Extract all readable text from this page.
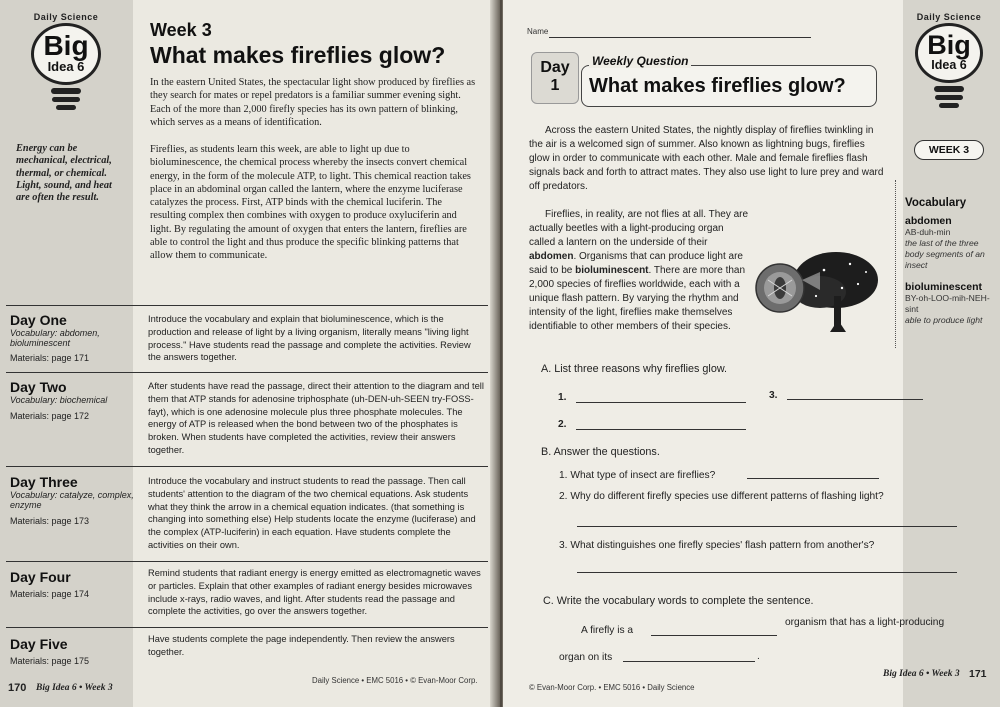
Daily Science
Big
Idea 6
Energy can be mechanical, electrical, thermal, or chemical. Light, sound, and heat are often the result.
Week 3
What makes fireflies glow?
In the eastern United States, the spectacular light show produced by fireflies as they search for mates or repel predators is a familiar summer evening sight. Each of the more than 2,000 firefly species has its own pattern of blinking, which serves as a means of identification.
Fireflies, as students learn this week, are able to light up due to bioluminescence, the chemical process whereby the insects convert chemical energy, in the form of the molecule ATP, to light. This chemical reaction takes place in an abdominal organ called the lantern, where the enzyme luciferase catalyzes the process. First, ATP binds with the chemical luciferin. The resulting complex then combines with oxygen to produce oxyluciferin and light. By regulating the amount of oxygen that enters the lantern, fireflies are able to control the light and thus produce the specific blinking patterns that allow them to communicate.
Day One
Vocabulary: abdomen, bioluminescent
Materials: page 171
Introduce the vocabulary and explain that bioluminescence, which is the production and release of light by a living organism, literally means "living light process." Have students read the passage and complete the activities. Review the answers together.
Day Two
Vocabulary: biochemical
Materials: page 172
After students have read the passage, direct their attention to the diagram and tell them that ATP stands for adenosine triphosphate (uh-DEN-uh-SEEN try-FOSS-fayt), which is one adenosine molecule plus three phosphate molecules. The energy of ATP is released when the bond between two of the phosphates is broken. When students have completed the activities, review their answers together.
Day Three
Vocabulary: catalyze, complex, enzyme
Materials: page 173
Introduce the vocabulary and instruct students to read the passage. Then call students' attention to the diagram of the two chemical equations. Ask students what they think the arrow in a chemical equation indicates. (that something is changing into something else) Help students locate the enzyme (luciferase) and the complex (ATP-luciferin) in each equation. Have students complete the activities on their own.
Day Four
Materials: page 174
Remind students that radiant energy is energy emitted as electromagnetic waves or particles. Explain that other examples of radiant energy besides microwaves include x-rays, radio waves, and light. After students read the passage and complete the activities, go over the answers together.
Day Five
Materials: page 175
Have students complete the page independently. Then review the answers together.
170 Big Idea 6 • Week 3
Daily Science • EMC 5016 • © Evan-Moor Corp.
Name
Day
1
Weekly Question
What makes fireflies glow?
Daily Science
Big
Idea 6
WEEK 3
Across the eastern United States, the nightly display of fireflies twinkling in the air is a welcomed sign of summer. Also known as lightning bugs, fireflies glow in order to communicate with each other. Male and female fireflies flash signals back and forth to attract mates. They also use light to lure prey and ward off predators.
Fireflies, in reality, are not flies at all. They are actually beetles with a light-producing organ called a lantern on the underside of their abdomen. Organisms that can produce light are said to be bioluminescent. There are more than 2,000 species of fireflies worldwide, each with a unique flash pattern. By varying the rhythm and intensity of the light, fireflies make themselves identifiable to other members of their species.
Vocabulary
abdomen
AB-duh-min
the last of the three body segments of an insect
bioluminescent
BY-oh-LOO-mih-NEH-sint
able to produce light
A. List three reasons why fireflies glow.
1.	3.
2.
B. Answer the questions.
1. What type of insect are fireflies?
2. Why do different firefly species use different patterns of flashing light?
3. What distinguishes one firefly species' flash pattern from another's?
C. Write the vocabulary words to complete the sentence.
A firefly is a
organism that has a light-producing
organ on its	.
© Evan-Moor Corp. • EMC 5016 • Daily Science
Big Idea 6 • Week 3 171
